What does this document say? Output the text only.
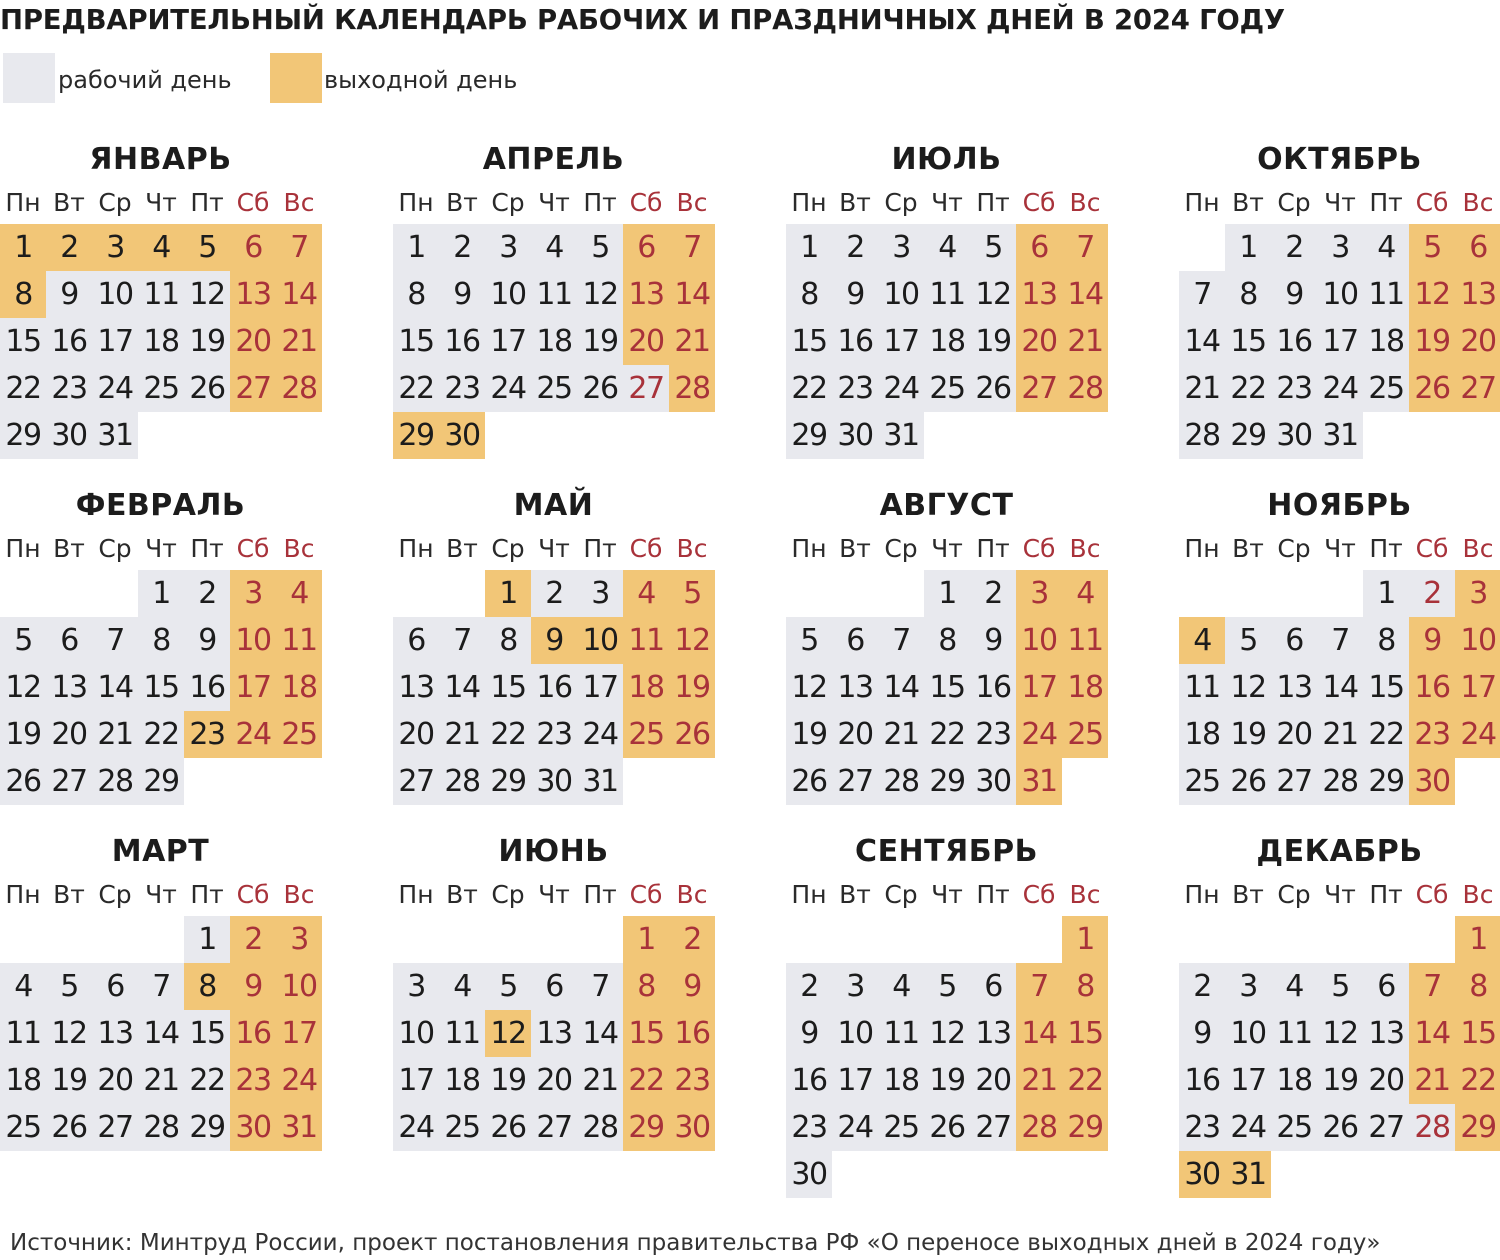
ПРЕДВАРИТЕЛЬНЫЙ КАЛЕНДАРЬ РАБОЧИХ И ПРАЗДНИЧНЫХ ДНЕЙ В 2024 ГОДУ
рабочий день	выходной день
ЯНВАРЬ
Пн Вт Ср Чт Пт Сб Вс
1 2 3 4 5 6 7
8 9 10 11 12 13 14
15 16 17 18 19 20 21
22 23 24 25 26 27 28
29 30 31
ФЕВРАЛЬ
Пн Вт Ср Чт Пт Сб Вс
1 2 3 4
5 6 7 8 9 10 11
12 13 14 15 16 17 18
19 20 21 22 23 24 25
26 27 28 29
МАРТ
Пн Вт Ср Чт Пт Сб Вс
1 2 3
4 5 6 7 8 9 10
11 12 13 14 15 16 17
18 19 20 21 22 23 24
25 26 27 28 29 30 31
АПРЕЛЬ
Пн Вт Ср Чт Пт Сб Вс
1 2 3 4 5 6 7
8 9 10 11 12 13 14
15 16 17 18 19 20 21
22 23 24 25 26 27 28
29 30
МАЙ
Пн Вт Ср Чт Пт Сб Вс
1 2 3 4 5
6 7 8 9 10 11 12
13 14 15 16 17 18 19
20 21 22 23 24 25 26
27 28 29 30 31
ИЮНЬ
Пн Вт Ср Чт Пт Сб Вс
1 2
3 4 5 6 7 8 9
10 11 12 13 14 15 16
17 18 19 20 21 22 23
24 25 26 27 28 29 30
ИЮЛЬ
Пн Вт Ср Чт Пт Сб Вс
1 2 3 4 5 6 7
8 9 10 11 12 13 14
15 16 17 18 19 20 21
22 23 24 25 26 27 28
29 30 31
АВГУСТ
Пн Вт Ср Чт Пт Сб Вс
1 2 3 4
5 6 7 8 9 10 11
12 13 14 15 16 17 18
19 20 21 22 23 24 25
26 27 28 29 30 31
СЕНТЯБРЬ
Пн Вт Ср Чт Пт Сб Вс
1
2 3 4 5 6 7 8
9 10 11 12 13 14 15
16 17 18 19 20 21 22
23 24 25 26 27 28 29
30
ОКТЯБРЬ
Пн Вт Ср Чт Пт Сб Вс
1 2 3 4 5 6
7 8 9 10 11 12 13
14 15 16 17 18 19 20
21 22 23 24 25 26 27
28 29 30 31
НОЯБРЬ
Пн Вт Ср Чт Пт Сб Вс
1 2 3
4 5 6 7 8 9 10
11 12 13 14 15 16 17
18 19 20 21 22 23 24
25 26 27 28 29 30
ДЕКАБРЬ
Пн Вт Ср Чт Пт Сб Вс
1
2 3 4 5 6 7 8
9 10 11 12 13 14 15
16 17 18 19 20 21 22
23 24 25 26 27 28 29
30 31
Источник: Минтруд России, проект постановления правительства РФ «О переносе выходных дней в 2024 году»
